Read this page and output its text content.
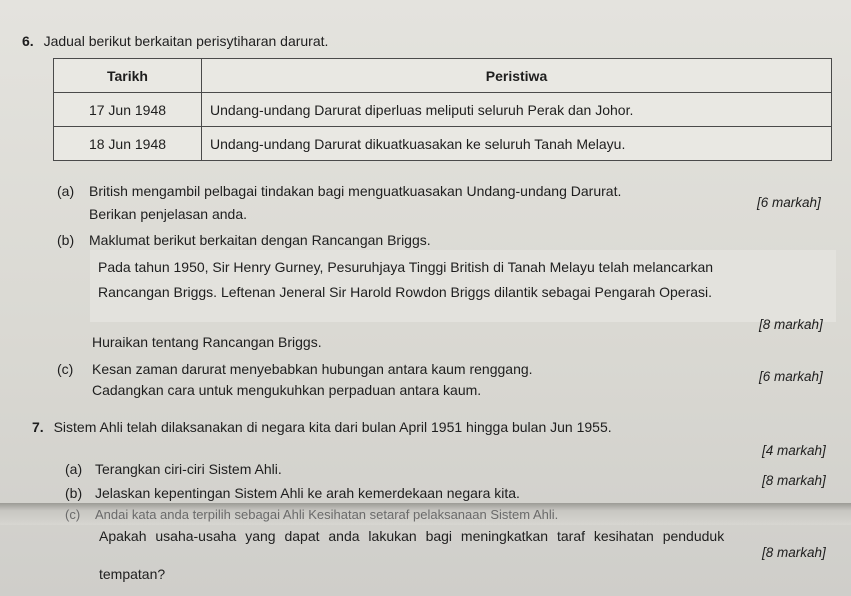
6. Jadual berikut berkaitan perisytiharan darurat.
Tarikh	Peristiwa
17 Jun 1948	Undang-undang Darurat diperluas meliputi seluruh Perak dan Johor.
18 Jun 1948	Undang-undang Darurat dikuatkuasakan ke seluruh Tanah Melayu.
(a) British mengambil pelbagai tindakan bagi menguatkuasakan Undang-undang Darurat.
Berikan penjelasan anda.
[6 markah]
(b) Maklumat berikut berkaitan dengan Rancangan Briggs.
Pada tahun 1950, Sir Henry Gurney, Pesuruhjaya Tinggi British di Tanah Melayu telah melancarkan
Rancangan Briggs. Leftenan Jeneral Sir Harold Rowdon Briggs dilantik sebagai Pengarah Operasi.
Huraikan tentang Rancangan Briggs.
[8 markah]
(c) Kesan zaman darurat menyebabkan hubungan antara kaum renggang.
Cadangkan cara untuk mengukuhkan perpaduan antara kaum.
[6 markah]
7. Sistem Ahli telah dilaksanakan di negara kita dari bulan April 1951 hingga bulan Jun 1955.
(a) Terangkan ciri-ciri Sistem Ahli.
[4 markah]
(b) Jelaskan kepentingan Sistem Ahli ke arah kemerdekaan negara kita.
[8 markah]
(c) Andai kata anda terpilih sebagai Ahli Kesihatan setaraf pelaksanaan Sistem Ahli.
Apakah usaha-usaha yang dapat anda lakukan bagi meningkatkan taraf kesihatan penduduk
tempatan?
[8 markah]
